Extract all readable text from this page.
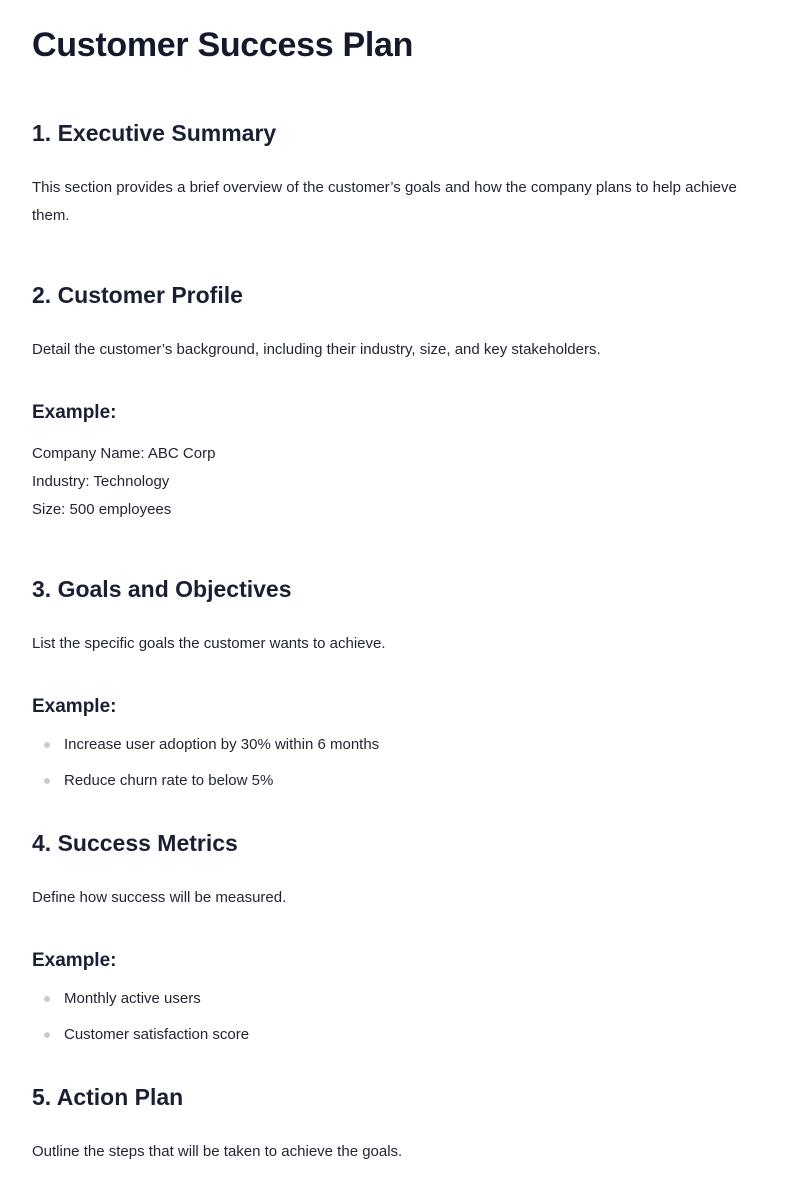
Customer Success Plan
1. Executive Summary

This section provides a brief overview of the customer’s goals and how the company plans to help achieve them.

2. Customer Profile

Detail the customer’s background, including their industry, size, and key stakeholders.

Example:

Company Name: ABC Corp

Industry: Technology

Size: 500 employees

3. Goals and Objectives

List the specific goals the customer wants to achieve.

Example:
Increase user adoption by 30% within 6 months
Reduce churn rate to below 5%
4. Success Metrics

Define how success will be measured.

Example:
Monthly active users
Customer satisfaction score
5. Action Plan

Outline the steps that will be taken to achieve the goals.
